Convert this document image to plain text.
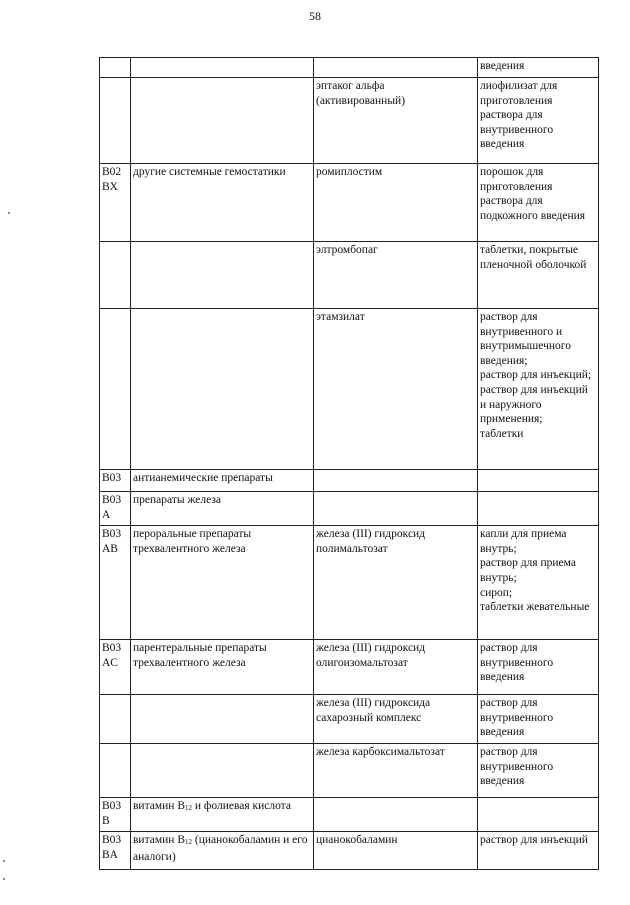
58

			введения

		эптаког альфа (активированный)	лиофилизат для приготовления раствора для внутривенного введения

B02BX	другие системные гемостатики	ромиплостим	порошок для приготовления раствора для подкожного введения

		элтромбопаг	таблетки, покрытые пленочной оболочкой

		этамзилат	раствор для внутривенного и внутримышечного введения;
раствор для инъекций;
раствор для инъекций и наружного применения;
таблетки

B03	антианемические препараты		
B03A	препараты железа		
B03AB	пероральные препараты трехвалентного железа	железа (III) гидроксид полимальтозат	капли для приема внутрь;
раствор для приема внутрь;
сироп;
таблетки жевательные

B03AC	парентеральные препараты трехвалентного железа	железа (III) гидроксид олигоизомальтозат	раствор для внутривенного введения

		железа (III) гидроксида сахарозный комплекс	раствор для внутривенного введения

		железа карбоксимальтозат	раствор для внутривенного введения

B03B	витамин $B_{12}$ и фолиевая кислота		
B03BA	витамин $B_{12}$ (цианокобаламин и его аналоги)	цианокобаламин	раствор для инъекций
